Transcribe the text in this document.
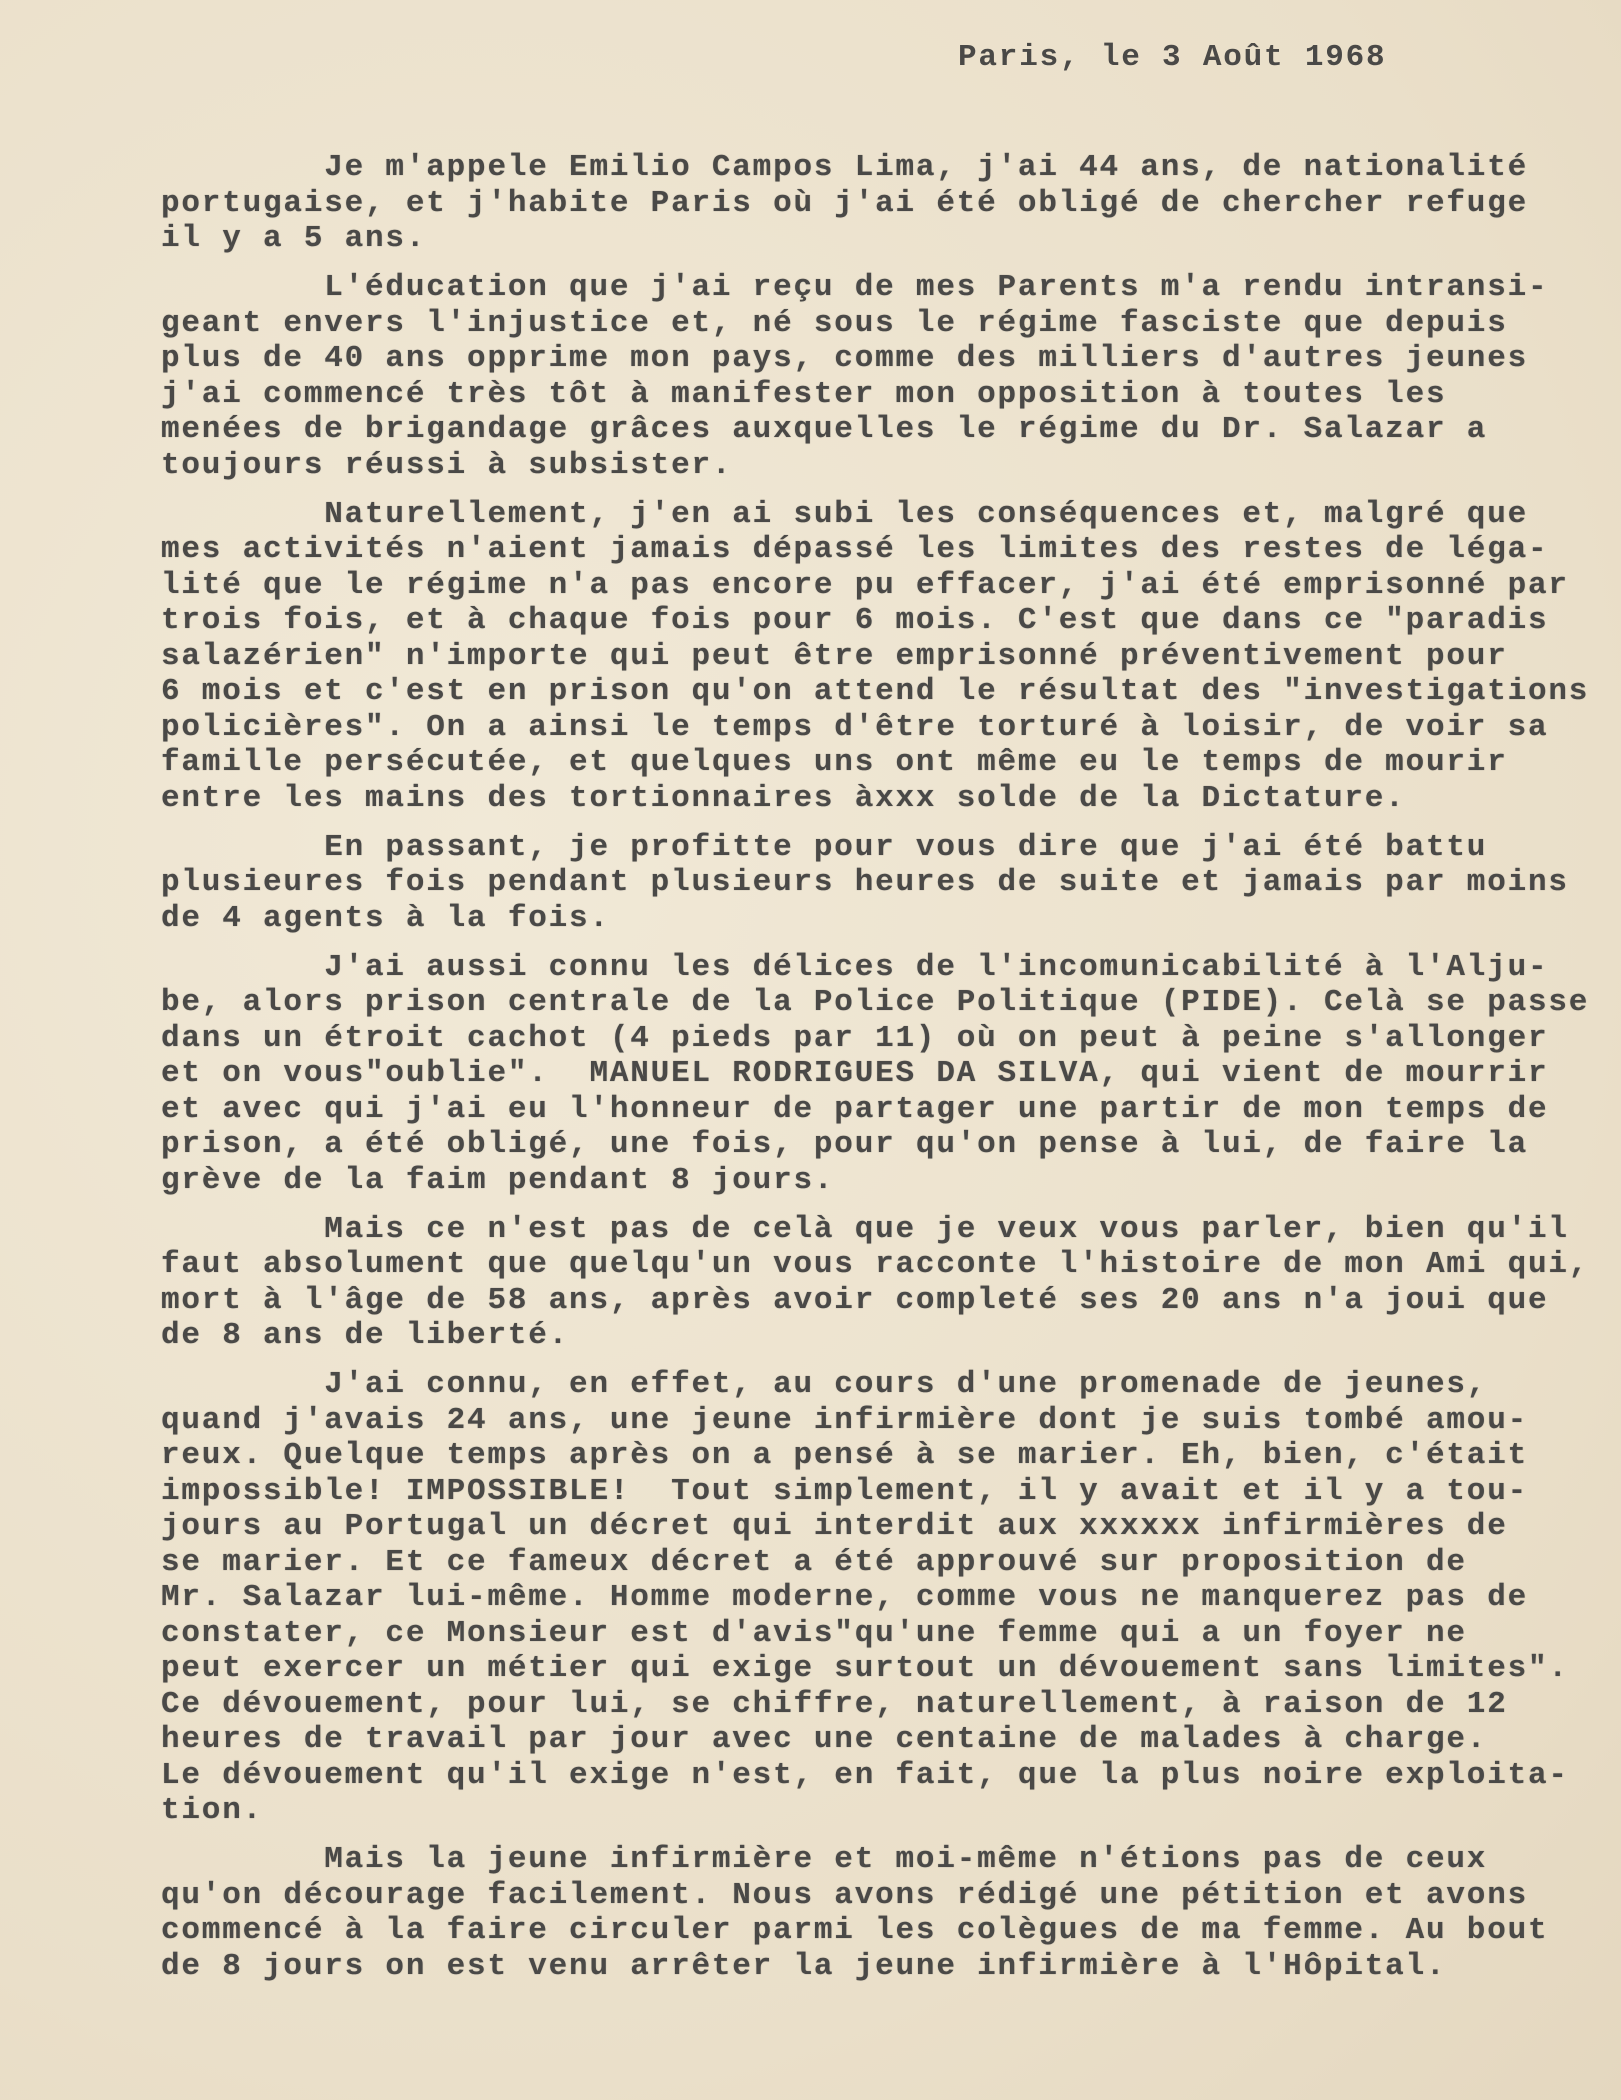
Paris, le 3 Août 1968
Je m'appele Emilio Campos Lima, j'ai 44 ans, de nationalité
portugaise, et j'habite Paris où j'ai été obligé de chercher refuge
il y a 5 ans.
L'éducation que j'ai reçu de mes Parents m'a rendu intransi-
geant envers l'injustice et, né sous le régime fasciste que depuis
plus de 40 ans opprime mon pays, comme des milliers d'autres jeunes
j'ai commencé très tôt à manifester mon opposition à toutes les
menées de brigandage grâces auxquelles le régime du Dr. Salazar a
toujours réussi à subsister.
Naturellement, j'en ai subi les conséquences et, malgré que
mes activités n'aient jamais dépassé les limites des restes de léga-
lité que le régime n'a pas encore pu effacer, j'ai été emprisonné par
trois fois, et à chaque fois pour 6 mois. C'est que dans ce "paradis
salazérien" n'importe qui peut être emprisonné préventivement pour
6 mois et c'est en prison qu'on attend le résultat des "investigations
policières". On a ainsi le temps d'être torturé à loisir, de voir sa
famille persécutée, et quelques uns ont même eu le temps de mourir
entre les mains des tortionnaires àxxx solde de la Dictature.
En passant, je profitte pour vous dire que j'ai été battu
plusieures fois pendant plusieurs heures de suite et jamais par moins
de 4 agents à la fois.
J'ai aussi connu les délices de l'incomunicabilité à l'Alju-
be, alors prison centrale de la Police Politique (PIDE). Celà se passe
dans un étroit cachot (4 pieds par 11) où on peut à peine s'allonger
et on vous"oublie".  MANUEL RODRIGUES DA SILVA, qui vient de mourrir
et avec qui j'ai eu l'honneur de partager une partir de mon temps de
prison, a été obligé, une fois, pour qu'on pense à lui, de faire la
grève de la faim pendant 8 jours.
Mais ce n'est pas de celà que je veux vous parler, bien qu'il
faut absolument que quelqu'un vous racconte l'histoire de mon Ami qui,
mort à l'âge de 58 ans, après avoir completé ses 20 ans n'a joui que
de 8 ans de liberté.
J'ai connu, en effet, au cours d'une promenade de jeunes,
quand j'avais 24 ans, une jeune infirmière dont je suis tombé amou-
reux. Quelque temps après on a pensé à se marier. Eh, bien, c'était
impossible! IMPOSSIBLE!  Tout simplement, il y avait et il y a tou-
jours au Portugal un décret qui interdit aux xxxxxx infirmières de
se marier. Et ce fameux décret a été approuvé sur proposition de
Mr. Salazar lui-même. Homme moderne, comme vous ne manquerez pas de
constater, ce Monsieur est d'avis"qu'une femme qui a un foyer ne
peut exercer un métier qui exige surtout un dévouement sans limites".
Ce dévouement, pour lui, se chiffre, naturellement, à raison de 12
heures de travail par jour avec une centaine de malades à charge.
Le dévouement qu'il exige n'est, en fait, que la plus noire exploita-
tion.
Mais la jeune infirmière et moi-même n'étions pas de ceux
qu'on décourage facilement. Nous avons rédigé une pétition et avons
commencé à la faire circuler parmi les colègues de ma femme. Au bout
de 8 jours on est venu arrêter la jeune infirmière à l'Hôpital.
